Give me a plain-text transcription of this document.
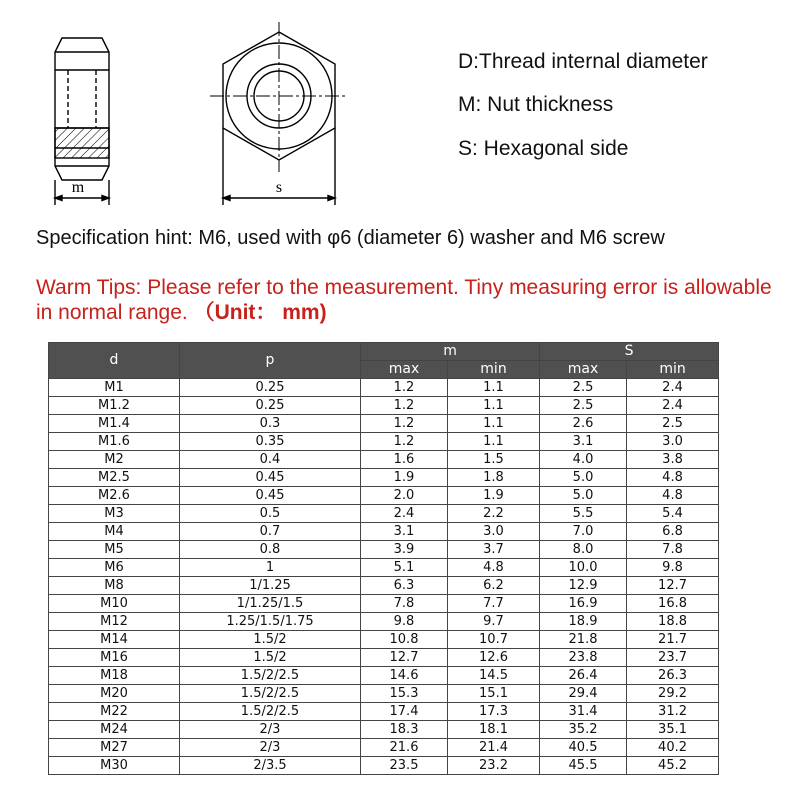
m	s
D:Thread internal diameter
M: Nut thickness
S: Hexagonal side
Specification hint: M6, used with φ6 (diameter 6) washer and M6 screw
Warm Tips: Please refer to the measurement. Tiny measuring error is allowable in normal range. （Unit： mm)
d	p	m		S	
		max	min	max	min
M1	0.25	1.2	1.1	2.5	2.4
M1.2	0.25	1.2	1.1	2.5	2.4
M1.4	0.3	1.2	1.1	2.6	2.5
M1.6	0.35	1.2	1.1	3.1	3.0
M2	0.4	1.6	1.5	4.0	3.8
M2.5	0.45	1.9	1.8	5.0	4.8
M2.6	0.45	2.0	1.9	5.0	4.8
M3	0.5	2.4	2.2	5.5	5.4
M4	0.7	3.1	3.0	7.0	6.8
M5	0.8	3.9	3.7	8.0	7.8
M6	1	5.1	4.8	10.0	9.8
M8	1/1.25	6.3	6.2	12.9	12.7
M10	1/1.25/1.5	7.8	7.7	16.9	16.8
M12	1.25/1.5/1.75	9.8	9.7	18.9	18.8
M14	1.5/2	10.8	10.7	21.8	21.7
M16	1.5/2	12.7	12.6	23.8	23.7
M18	1.5/2/2.5	14.6	14.5	26.4	26.3
M20	1.5/2/2.5	15.3	15.1	29.4	29.2
M22	1.5/2/2.5	17.4	17.3	31.4	31.2
M24	2/3	18.3	18.1	35.2	35.1
M27	2/3	21.6	21.4	40.5	40.2
M30	2/3.5	23.5	23.2	45.5	45.2
